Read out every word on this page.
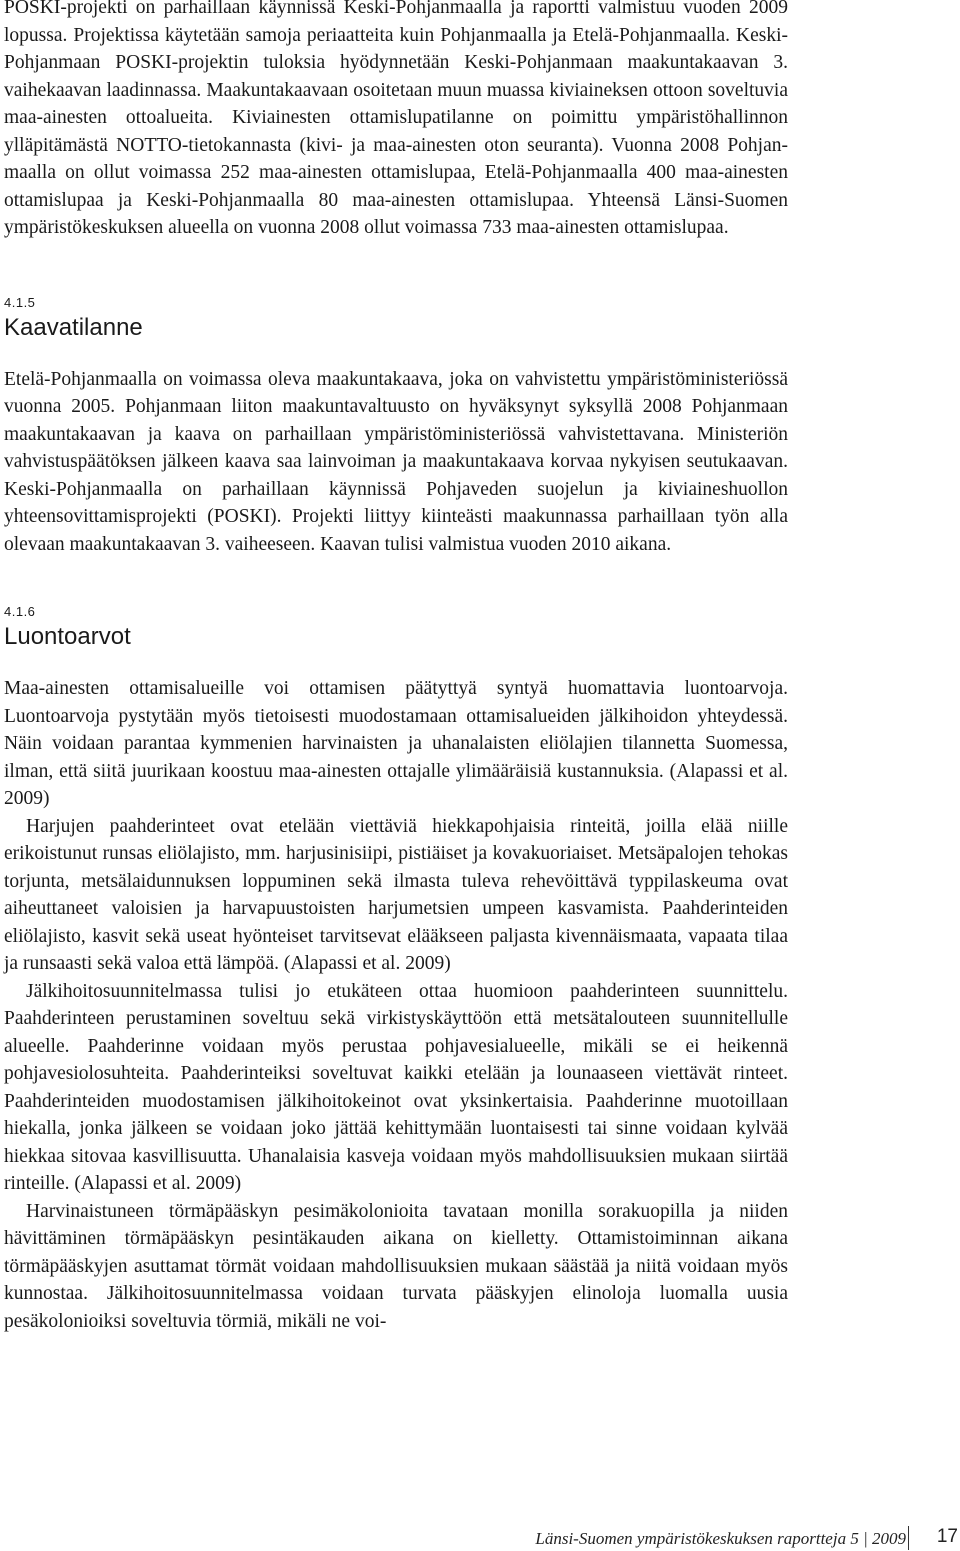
POSKI-projekti on parhaillaan käynnissä Keski-Pohjanmaalla ja raportti valmistuu vuoden 2009 lopussa. Projektissa käytetään samoja periaatteita kuin Pohjanmaalla ja Etelä-Pohjanmaalla. Keski-Pohjanmaan POSKI-projektin tuloksia hyödynnetään Keski-Pohjanmaan maakuntakaavan 3. vaihekaavan laadinnassa. Maakuntakaavaan osoitetaan muun muassa kiviaineksen ottoon soveltuvia maa-ainesten ottoalueita. Kiviainesten ottamislupatilanne on poimittu ympäristöhallinnon ylläpitämästä NOTTO-tietokannasta (kivi- ja maa-ainesten oton seuranta). Vuonna 2008 Pohjanmaalla on ollut voimassa 252 maa-ainesten ottamislupaa, Etelä-Pohjanmaalla 400 maa-ainesten ottamislupaa ja Keski-Pohjanmaalla 80 maa-ainesten ottamislupaa. Yhteensä Länsi-Suomen ympäristökeskuksen alueella on vuonna 2008 ollut voimassa 733 maa-ainesten ottamislupaa.

4.1.5

Kaavatilanne

Etelä-Pohjanmaalla on voimassa oleva maakuntakaava, joka on vahvistettu ympäristöministeriössä vuonna 2005. Pohjanmaan liiton maakuntavaltuusto on hyväksynyt syksyllä 2008 Pohjanmaan maakuntakaavan ja kaava on parhaillaan ympäristöministeriössä vahvistettavana. Ministeriön vahvistuspäätöksen jälkeen kaava saa lainvoiman ja maakuntakaava korvaa nykyisen seutukaavan. Keski-Pohjanmaalla on parhaillaan käynnissä Pohjaveden suojelun ja kiviaineshuollon yhteensovittamisprojekti (POSKI). Projekti liittyy kiinteästi maakunnassa parhaillaan työn alla olevaan maakuntakaavan 3. vaiheeseen. Kaavan tulisi valmistua vuoden 2010 aikana.

4.1.6

Luontoarvot

Maa-ainesten ottamisalueille voi ottamisen päätyttyä syntyä huomattavia luontoarvoja. Luontoarvoja pystytään myös tietoisesti muodostamaan ottamisalueiden jälkihoidon yhteydessä. Näin voidaan parantaa kymmenien harvinaisten ja uhanalaisten eliölajien tilannetta Suomessa, ilman, että siitä juurikaan koostuu maa-ainesten ottajalle ylimääräisiä kustannuksia. (Alapassi et al. 2009)

Harjujen paahderinteet ovat etelään viettäviä hiekkapohjaisia rinteitä, joilla elää niille erikoistunut runsas eliölajisto, mm. harjusinisiipi, pistiäiset ja kovakuoriaiset. Metsäpalojen tehokas torjunta, metsälaidunnuksen loppuminen sekä ilmasta tuleva rehevöittävä typpilaskeuma ovat aiheuttaneet valoisien ja harvapuustoisten harjumetsien umpeen kasvamista. Paahderinteiden eliölajisto, kasvit sekä useat hyönteiset tarvitsevat elääkseen paljasta kivennäismaata, vapaata tilaa ja runsaasti sekä valoa että lämpöä. (Alapassi et al. 2009)

Jälkihoitosuunnitelmassa tulisi jo etukäteen ottaa huomioon paahderinteen suunnittelu. Paahderinteen perustaminen soveltuu sekä virkistyskäyttöön että metsätalouteen suunnitellulle alueelle. Paahderinne voidaan myös perustaa pohjavesialueelle, mikäli se ei heikennä pohjavesiolosuhteita. Paahderinteiksi soveltuvat kaikki etelään ja lounaaseen viettävät rinteet. Paahderinteiden muodostamisen jälkihoitokeinot ovat yksinkertaisia. Paahderinne muotoillaan hiekalla, jonka jälkeen se voidaan joko jättää kehittymään luontaisesti tai sinne voidaan kylvää hiekkaa sitovaa kasvillisuutta. Uhanalaisia kasveja voidaan myös mahdollisuuksien mukaan siirtää rinteille. (Alapassi et al. 2009)

Harvinaistuneen törmäpääskyn pesimäkolonioita tavataan monilla sorakuopilla ja niiden hävittäminen törmäpääskyn pesintäkauden aikana on kielletty. Ottamistoiminnan aikana törmäpääskyjen asuttamat törmät voidaan mahdollisuuksien mukaan säästää ja niitä voidaan myös kunnostaa. Jälkihoitosuunnitelmassa voidaan turvata pääskyjen elinoloja luomalla uusia pesäkolonioiksi soveltuvia törmiä, mikäli ne voi-

Länsi-Suomen ympäristökeskuksen raportteja 5 | 2009 17
